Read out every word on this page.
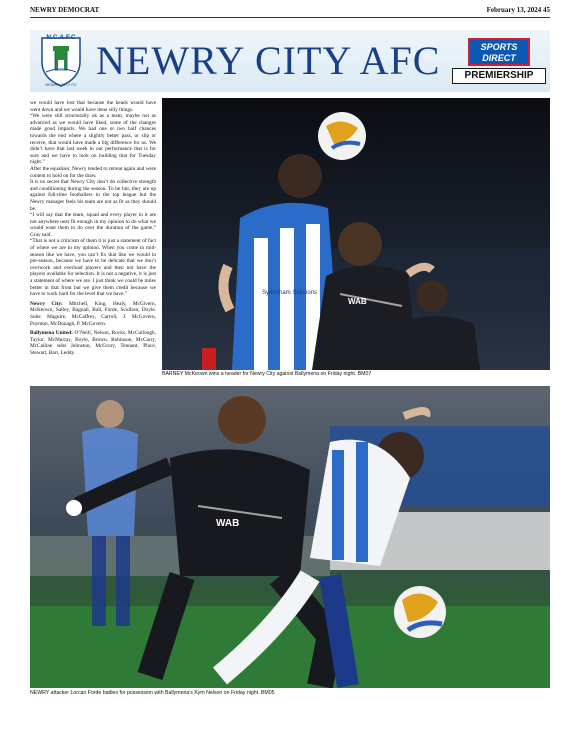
NEWRY DEMOCRAT	February 13, 2024 45
N.C.A.F.C
NEWRY CITY FC
NEWRY CITY AFC	SPORTS
DIRECT
PREMIERSHIP

we would have lost that because the heads would have went down and we would have done silly things.

“We were still structurally ok as a team, maybe not as advanced as we would have liked, some of the changes made good impacts. We had one or two half chances towards the end where a slightly better pass, or slip or receive, that would have made a big difference for us. We didn’t have that last week in our performance that is for sure and we have to look on building that for Tuesday night.”

After the equaliser, Newry tended to retreat again and were content to hold on for the draw.

It is no secret that Newry City don’t do collective strength and conditioning during the season. To be fair, they are up against full-time footballers in the top league but the Newry manager feels his team are not as fit as they should be.

“I will say that the team, squad and every player in it are not anywhere near fit enough in my opinion to do what we would want them to do over the duration of the game,” Gray said.

“That is not a criticism of them it is just a statement of fact of where we are in my opinion. When you come in mid-season like we have, you can’t fix that like we would in pre-season, because we have to be delicate that we don’t overwork and overload players and then not have the players available for selection. It is not a negative, it is just a statement of where we are. I just think we could be miles better in that front but we give them credit because we have to work hard for the level that we have.”

Newry City: Mitchell, King, Healy, McGivern, McKeown, Salley, Bagnall, Ball, Forde, Scullion, Doyle. Subs: Maguire, McCaffrey, Carroll, J. McGovern, Poynton, McDonagh, P. McGovern.

Ballymena United: O’Neill, Nelson, Rocks, McCullough, Taylor, McMurray, Boyle, Brown, Robinson, McCarry, McCalline subs Johnston, McGrory, Tennant, Place, Stewart, Barr, Leddy.

Sydenham Solutions
WAB
BARNEY McKeown wins a header for Newry City against Ballymena on Friday night. BM07
WAB
NEWRY attacker Lorcan Forde battles for possession with Ballymena’s Kym Nelson on Friday night. BM05
